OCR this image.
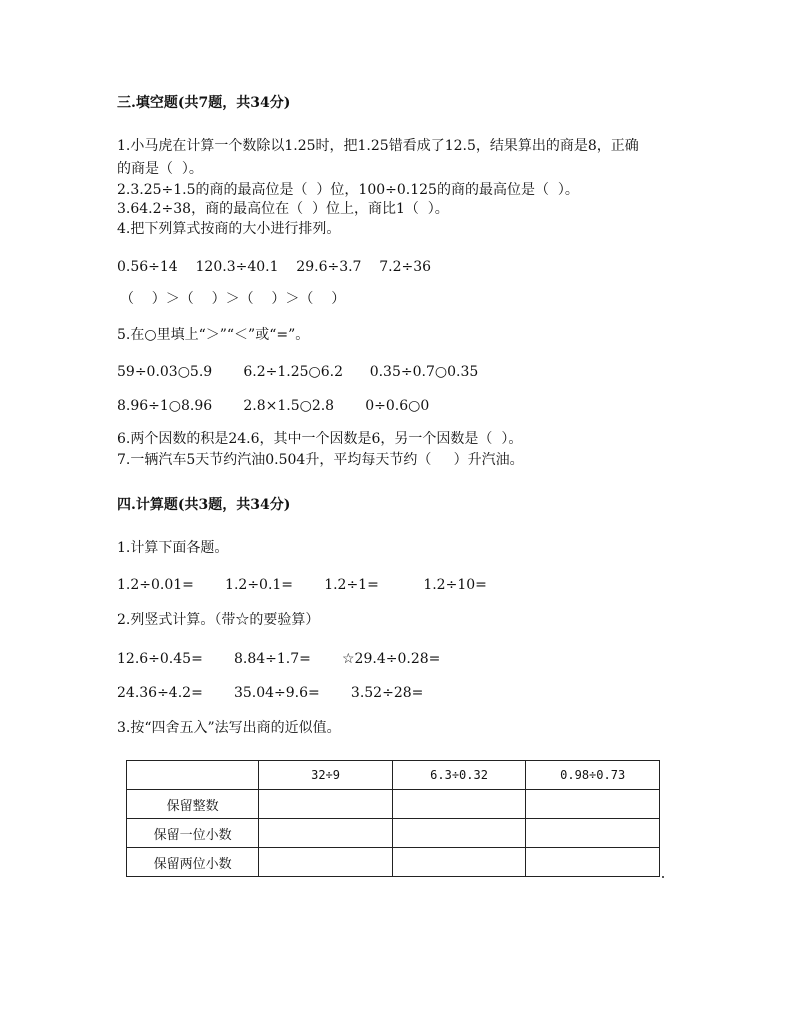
三.填空题(共7题，共34分)
1.小马虎在计算一个数除以1.25时，把1.25错看成了12.5，结果算出的商是8，正确
的商是（  ）。
2.3.25÷1.5的商的最高位是（  ）位，100÷0.125的商的最高位是（  ）。
3.64.2÷38，商的最高位在（  ）位上，商比1（  ）。
4.把下列算式按商的大小进行排列。
0.56÷14    120.3÷40.1    29.6÷3.7    7.2÷36
（    ）＞（    ）＞（    ）＞（    ）
5.在○里填上“＞”“＜”或“=”。
59÷0.03○5.9       6.2÷1.25○6.2      0.35÷0.7○0.35
8.96÷1○8.96       2.8×1.5○2.8       0÷0.6○0
6.两个因数的积是24.6，其中一个因数是6，另一个因数是（  ）。
7.一辆汽车5天节约汽油0.504升，平均每天节约（     ）升汽油。
四.计算题(共3题，共34分)
1.计算下面各题。
1.2÷0.01=       1.2÷0.1=       1.2÷1=          1.2÷10=
2.列竖式计算。（带☆的要验算）
12.6÷0.45=       8.84÷1.7=       ☆29.4÷0.28=
24.36÷4.2=       35.04÷9.6=       3.52÷28=
3.按“四舍五入”法写出商的近似值。
	32÷9	6.3÷0.32	0.98÷0.73
保留整数			
保留一位小数			
保留两位小数			
